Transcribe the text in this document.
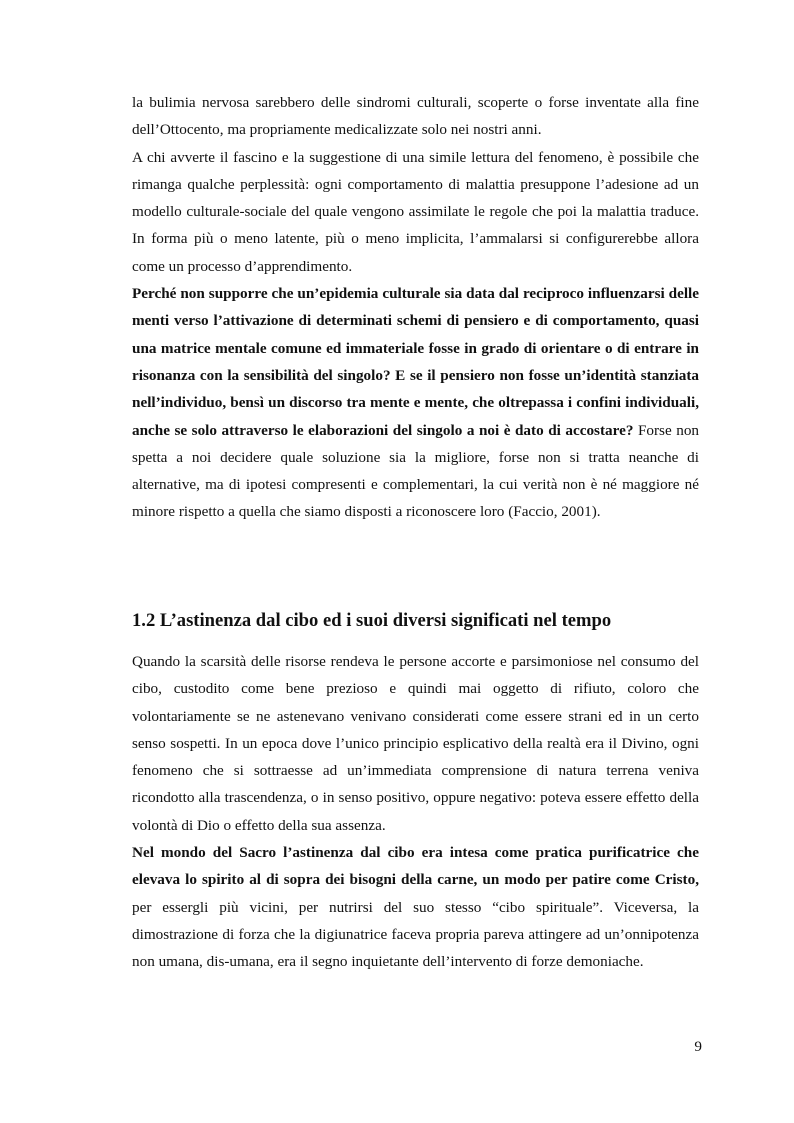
la bulimia nervosa sarebbero delle sindromi culturali, scoperte o forse inventate alla fine dell’Ottocento, ma propriamente medicalizzate solo nei nostri anni.

A chi avverte il fascino e la suggestione di una simile lettura del fenomeno, è possibile che rimanga qualche perplessità: ogni comportamento di malattia presuppone l’adesione ad un modello culturale-sociale del quale vengono assimilate le regole che poi la malattia traduce. In forma più o meno latente, più o meno implicita, l’ammalarsi si configurerebbe allora come un processo d’apprendimento.

Perché non supporre che un’epidemia culturale sia data dal reciproco influenzarsi delle menti verso l’attivazione di determinati schemi di pensiero e di comportamento, quasi una matrice mentale comune ed immateriale fosse in grado di orientare o di entrare in risonanza con la sensibilità del singolo? E se il pensiero non fosse un’identità stanziata nell’individuo, bensì un discorso tra mente e mente, che oltrepassa i confini individuali, anche se solo attraverso le elaborazioni del singolo a noi è dato di accostare? Forse non spetta a noi decidere quale soluzione sia la migliore, forse non si tratta neanche di alternative, ma di ipotesi compresenti e complementari, la cui verità non è né maggiore né minore rispetto a quella che siamo disposti a riconoscere loro (Faccio, 2001).

1.2 L’astinenza dal cibo ed i suoi diversi significati nel tempo

Quando la scarsità delle risorse rendeva le persone accorte e parsimoniose nel consumo del cibo, custodito come bene prezioso e quindi mai oggetto di rifiuto, coloro che volontariamente se ne astenevano venivano considerati come essere strani ed in un certo senso sospetti. In un epoca dove l’unico principio esplicativo della realtà era il Divino, ogni fenomeno che si sottraesse ad un’immediata comprensione di natura terrena veniva ricondotto alla trascendenza, o in senso positivo, oppure negativo: poteva essere effetto della volontà di Dio o effetto della sua assenza.

Nel mondo del Sacro l’astinenza dal cibo era intesa come pratica purificatrice che elevava lo spirito al di sopra dei bisogni della carne, un modo per patire come Cristo, per essergli più vicini, per nutrirsi del suo stesso “cibo spirituale”. Viceversa, la dimostrazione di forza che la digiunatrice faceva propria pareva attingere ad un’onnipotenza non umana, dis-umana, era il segno inquietante dell’intervento di forze demoniache.

9
